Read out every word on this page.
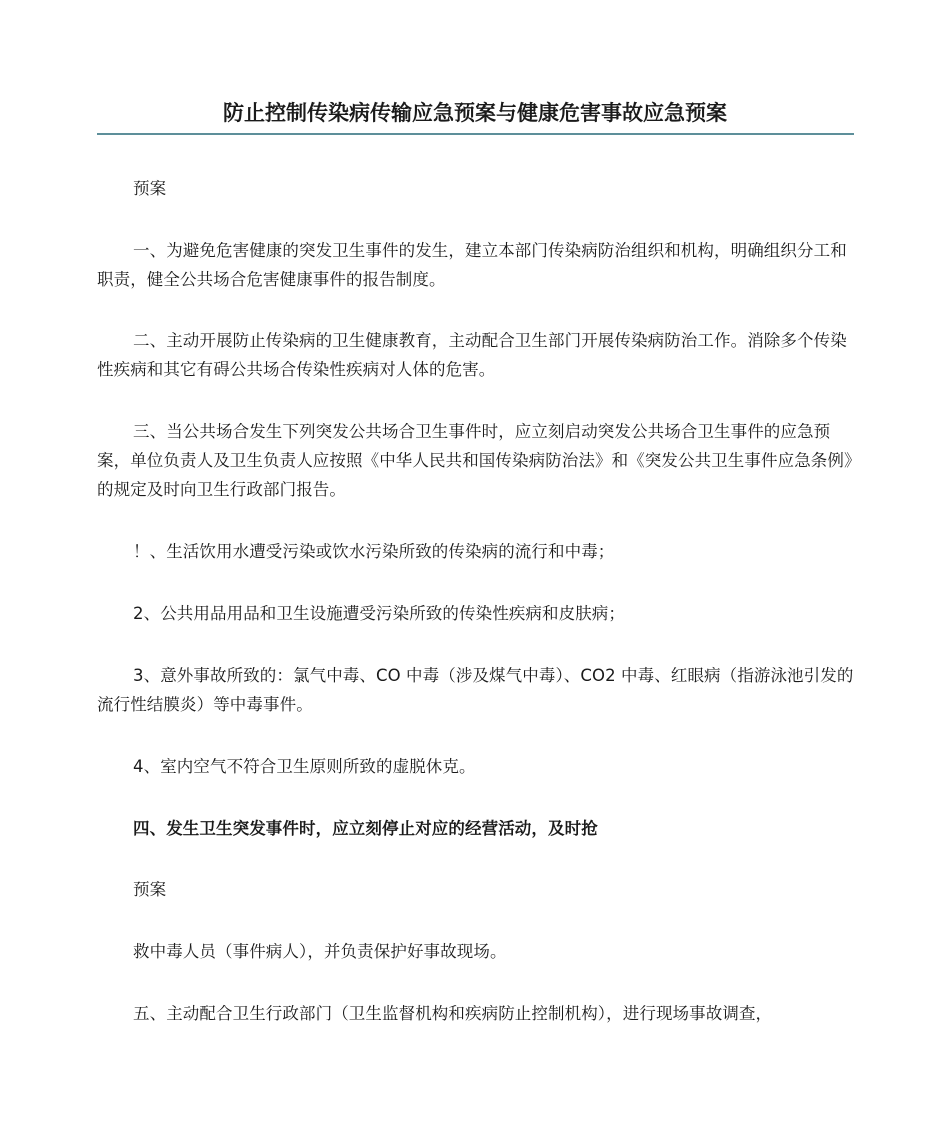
防止控制传染病传输应急预案与健康危害事故应急预案

预案

一、为避免危害健康的突发卫生事件的发生，建立本部门传染病防治组织和机构，明确组织分工和职责，健全公共场合危害健康事件的报告制度。

二、主动开展防止传染病的卫生健康教育，主动配合卫生部门开展传染病防治工作。消除多个传染性疾病和其它有碍公共场合传染性疾病对人体的危害。

三、当公共场合发生下列突发公共场合卫生事件时，应立刻启动突发公共场合卫生事件的应急预案，单位负责人及卫生负责人应按照《中华人民共和国传染病防治法》和《突发公共卫生事件应急条例》的规定及时向卫生行政部门报告。

！、生活饮用水遭受污染或饮水污染所致的传染病的流行和中毒；

2、公共用品用品和卫生设施遭受污染所致的传染性疾病和皮肤病；

3、意外事故所致的：氯气中毒、CO 中毒（涉及煤气中毒）、CO2 中毒、红眼病（指游泳池引发的流行性结膜炎）等中毒事件。

4、室内空气不符合卫生原则所致的虚脱休克。

四、发生卫生突发事件时，应立刻停止对应的经营活动，及时抢

预案

救中毒人员（事件病人），并负责保护好事故现场。

五、主动配合卫生行政部门（卫生监督机构和疾病防止控制机构），进行现场事故调查，
